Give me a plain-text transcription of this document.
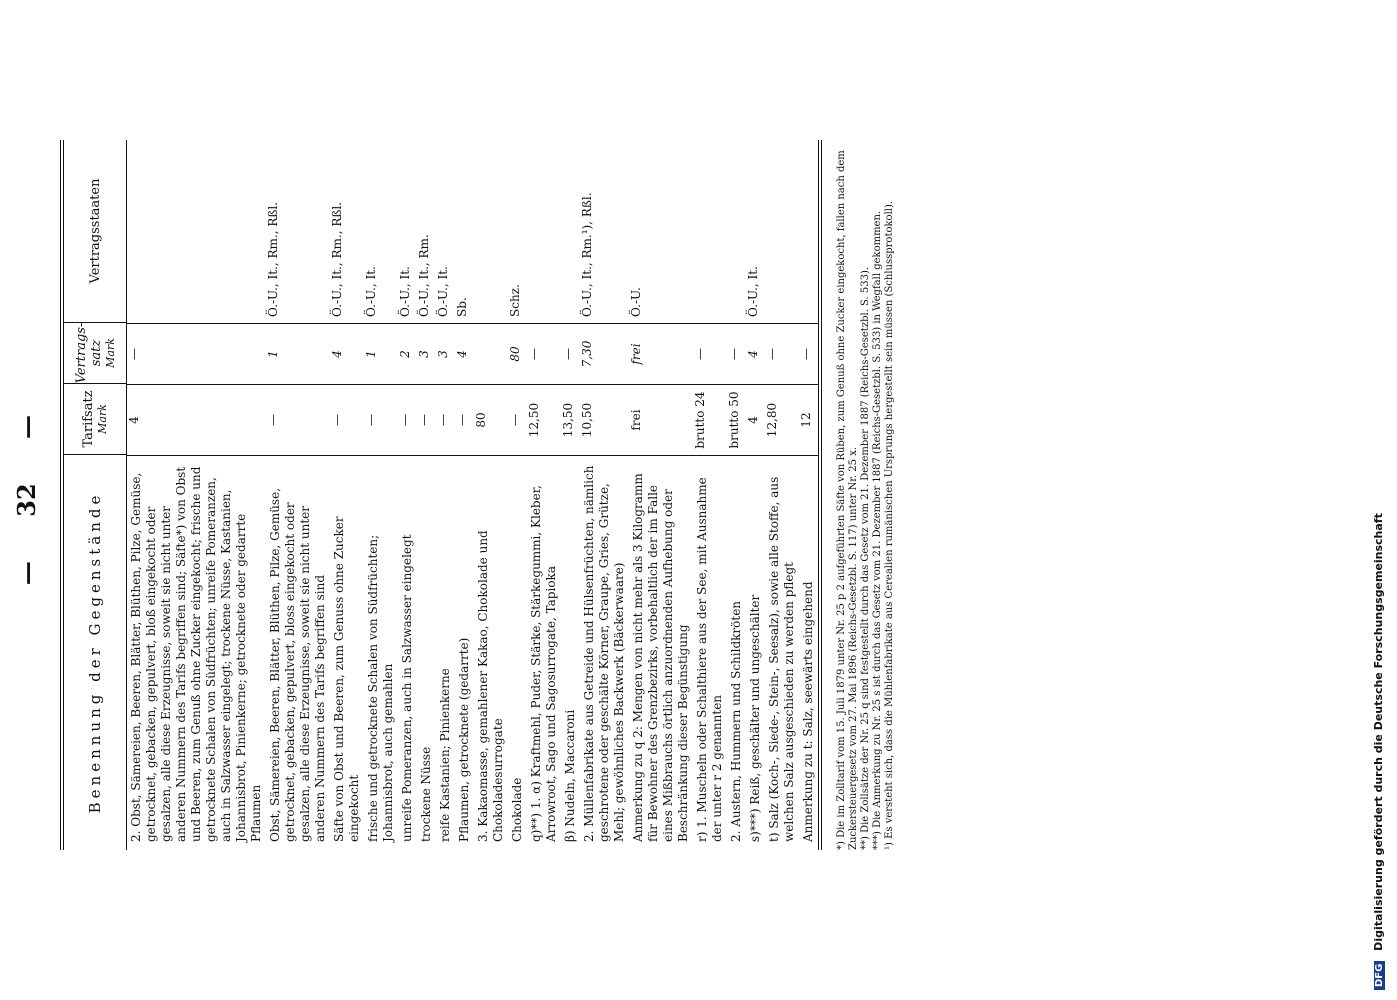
— 32 —
Benennung der Gegenstände
Tarifsatz Mark
Vertrags-satz Mark
Vertragsstaaten
2. Obst, Sämereien, Beeren, Blätter, Blüthen, Pilze, Gemüse, getrocknet, gebacken, gepulvert, bloß eingekocht oder gesalzen, alle diese Erzeugnisse, soweit sie nicht unter anderen Nummern des Tarifs begriffen sind; Säfte*) von Obst und Beeren, zum Genuß ohne Zucker eingekocht; frische und getrocknete Schalen von Südfrüchten; unreife Pomeranzen, auch in Salzwasser eingelegt; trockene Nüsse, Kastanien, Johannisbrot, Pinienkerne; getrocknete oder gedarrte Pflaumen
4
—
Obst, Sämereien, Beeren, Blätter, Blüthen, Pilze, Gemüse, getrocknet, gebacken, gepulvert, bloss eingekocht oder gesalzen, alle diese Erzeugnisse, soweit sie nicht unter anderen Nummern des Tarifs begriffen sind
—
1
Ö.-U., It., Rm., Rßl.
Säfte von Obst und Beeren, zum Genuss ohne Zucker eingekocht
—
4
Ö.-U., It., Rm., Rßl.
frische und getrocknete Schalen von Südfrüchten; Johannisbrot, auch gemahlen
—
1
Ö.-U., It.
unreife Pomeranzen, auch in Salzwasser eingelegt
—
2
Ö.-U., It.
trockene Nüsse
—
3
Ö.-U., It., Rm.
reife Kastanien; Pinienkerne
—
3
Ö.-U., It.
Pflaumen, getrocknete (gedarrte)
—
4
Sb.
3. Kakaomasse, gemahlener Kakao, Chokolade und Chokoladesurrogate
80
Chokolade
—
80
Schz.
q)**) 1. α) Kraftmehl, Puder, Stärke, Stärkegummi, Kleber, Arrowroot, Sago und Sagosurrogate, Tapioka
12,50
—
β) Nudeln, Maccaroni
13,50
—
2. Müllenfabrikate aus Getreide und Hülsenfrüchten, nämlich geschrotene oder geschälte Körner, Graupe, Gries, Grütze, Mehl; gewöhnliches Backwerk (Bäckerwaare)
10,50
7,30
Ö.-U., It., Rm.¹), Rßl.
Anmerkung zu q 2: Mengen von nicht mehr als 3 Kilogramm für Bewohner des Grenzbezirks, vorbehaltlich der im Falle eines Mißbrauchs örtlich anzuordnenden Aufhebung oder Beschränkung dieser Begünstigung
frei
frei
Ö.-U.
r) 1. Muscheln oder Schalthiere aus der See, mit Ausnahme der unter r 2 genannten
brutto 24
—
2. Austern, Hummern und Schildkröten
brutto 50
—
s)***) Reiß, geschälter und ungeschälter
4
4
Ö.-U., It.
t) Salz (Koch-, Siede-, Stein-, Seesalz), sowie alle Stoffe, aus welchen Salz ausgeschieden zu werden pflegt
12,80
—
Anmerkung zu t: Salz, seewärts eingehend
12
—	*) Die im Zolltarif vom 15. Juli 1879 unter Nr. 25 p 2 aufgeführten Säfte von Rüben, zum Genuß ohne Zucker eingekocht, fallen nach dem Zuckersteuergesetz vom 27. Mai 1896 (Reichs-Gesetzbl. S. 117) unter Nr. 25 x. **) Die Zollsätze der Nr. 25 q sind festgestellt durch das Gesetz vom 21. Dezember 1887 (Reichs-Gesetzbl. S. 533). ***) Die Anmerkung zu Nr. 25 s ist durch das Gesetz vom 21. Dezember 1887 (Reichs-Gesetzbl. S. 533) in Wegfall gekommen. ¹) Es versteht sich, dass die Mühlenfabrikate aus Cerealien rumänischen Ursprungs hergestellt sein müssen (Schlussprotokoll).
DFG Digitalisierung gefördert durch die Deutsche Forschungsgemeinschaft
